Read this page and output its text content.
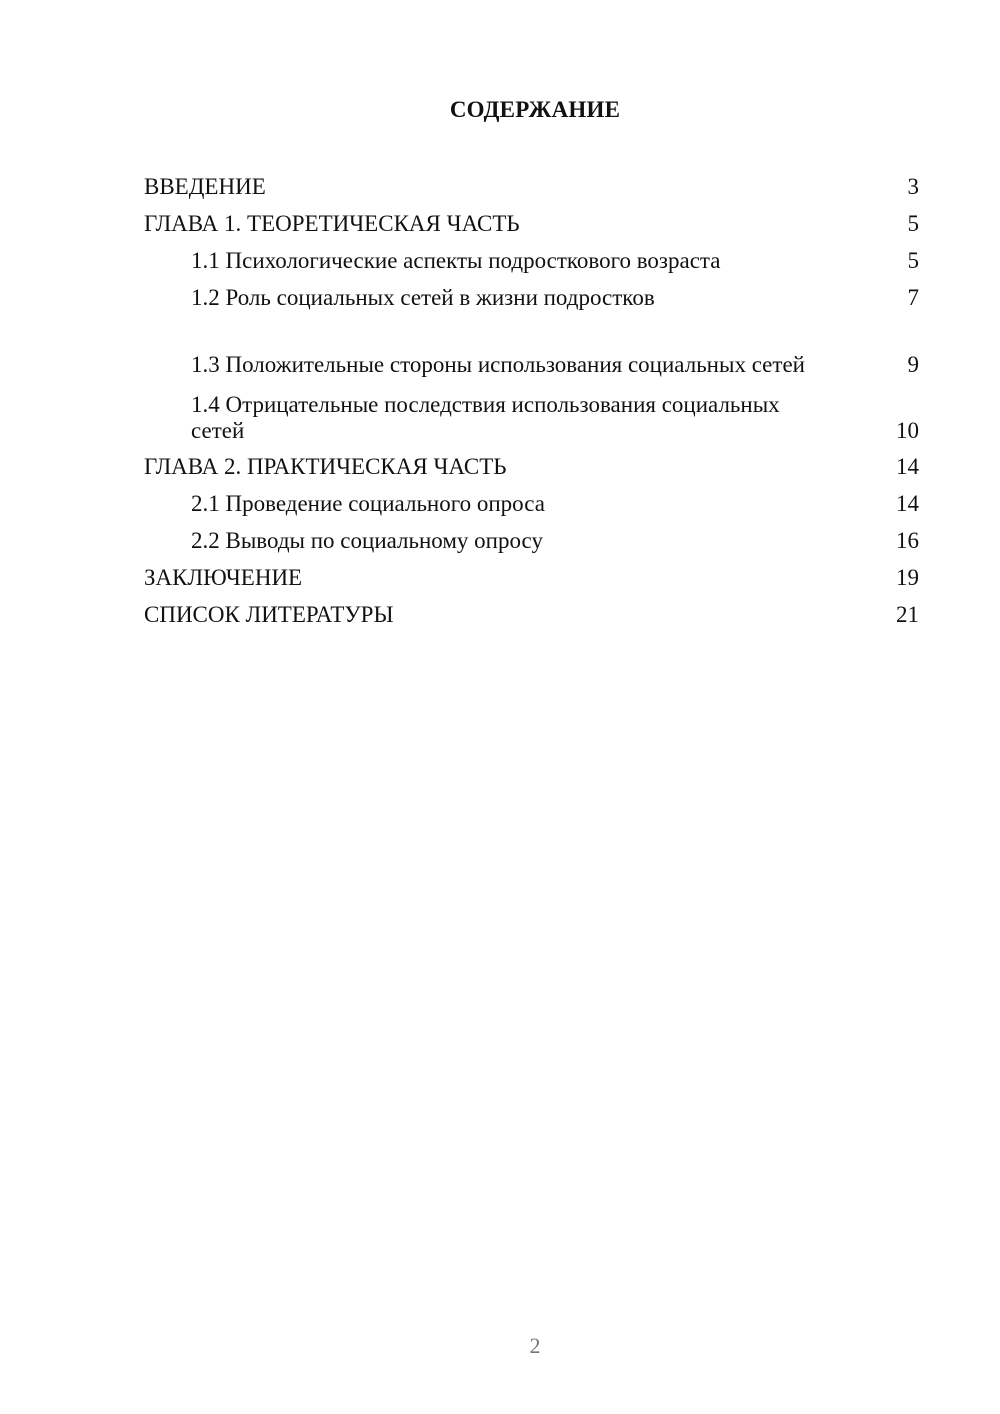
СОДЕРЖАНИЕ
ВВЕДЕНИЕ	3
ГЛАВА 1. ТЕОРЕТИЧЕСКАЯ ЧАСТЬ	5
1.1 Психологические аспекты подросткового возраста	5
1.2 Роль социальных сетей в жизни подростков	7
1.3 Положительные стороны использования социальных сетей	9
1.4 Отрицательные последствия использования социальных сетей	10
ГЛАВА 2. ПРАКТИЧЕСКАЯ ЧАСТЬ	14
2.1 Проведение социального опроса	14
2.2 Выводы по социальному опросу	16
ЗАКЛЮЧЕНИЕ	19
СПИСОК ЛИТЕРАТУРЫ	21
2
